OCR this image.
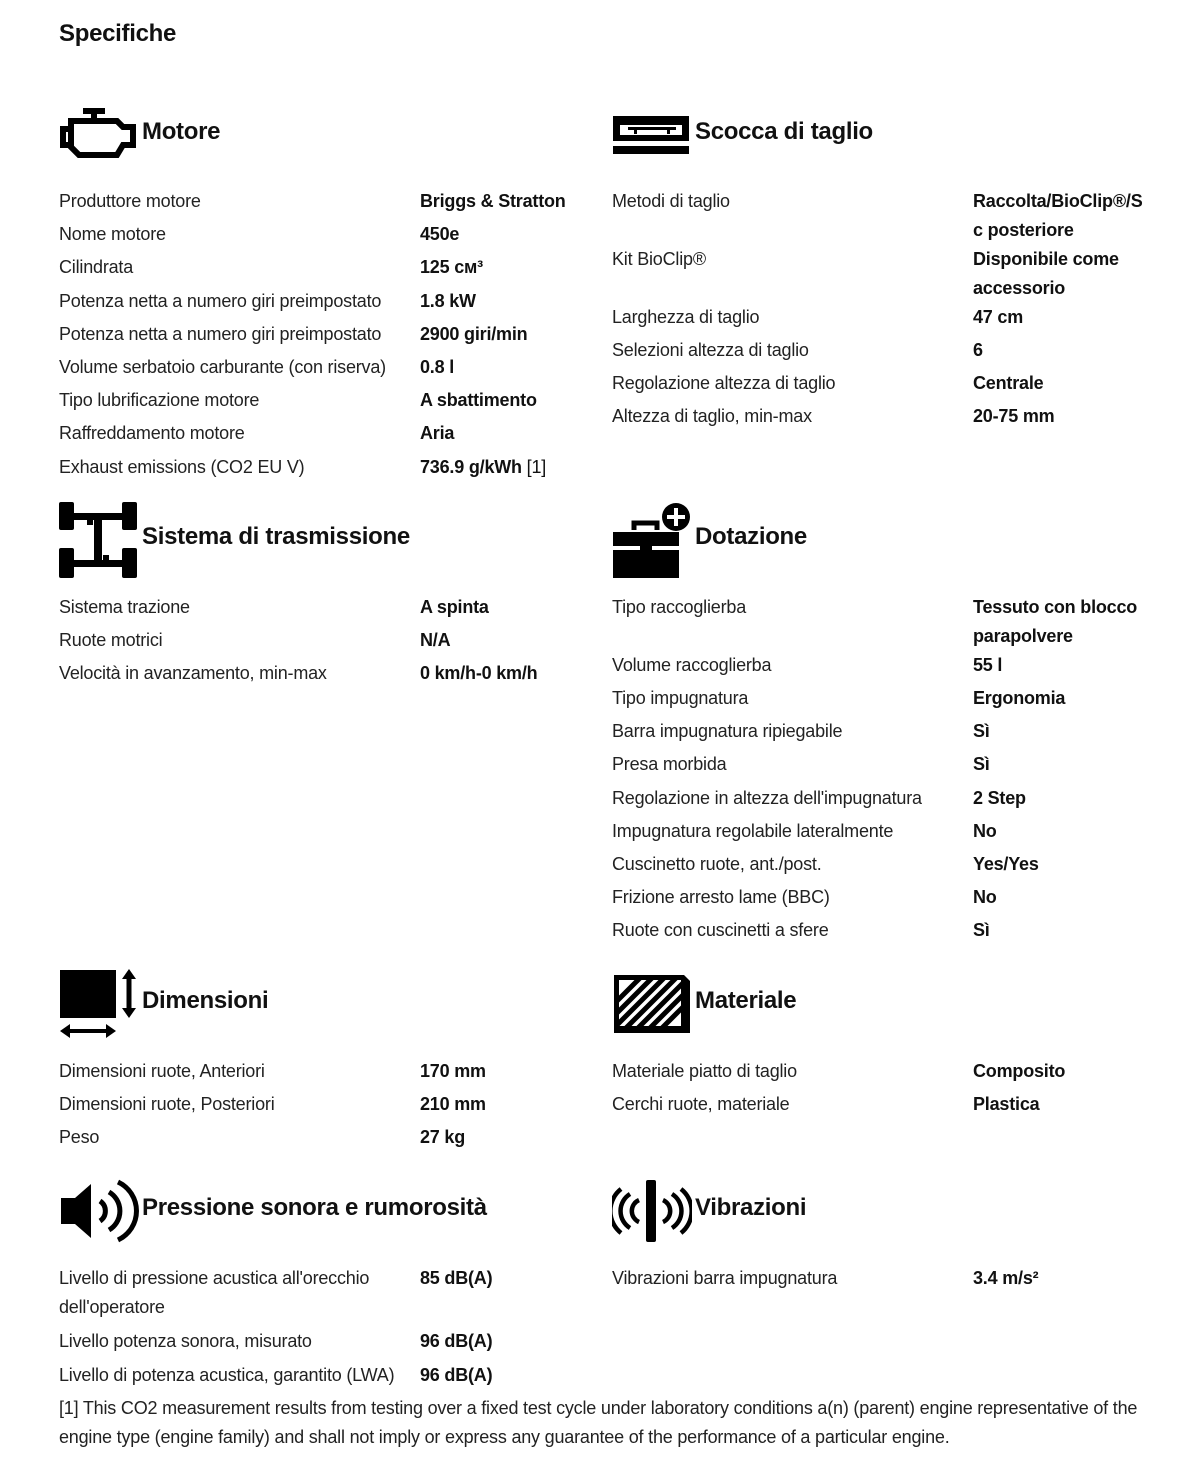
Specifiche
Motore
Produttore motore	Briggs & Stratton
Nome motore	450e
Cilindrata	125 см³
Potenza netta a numero giri preimpostato 1.8 kW
Potenza netta a numero giri preimpostato 2900 giri/min
Volume serbatoio carburante (con riserva) 0.8 l
Tipo lubrificazione motore	A sbattimento
Raffreddamento motore	Aria
Exhaust emissions (CO2 EU V)	736.9 g/kWh [1]
Scocca di taglio
Metodi di taglio	Raccolta/BioClip®/Sc posteriore
Kit BioClip®	Disponibile come accessorio
Larghezza di taglio	47 cm
Selezioni altezza di taglio	6
Regolazione altezza di taglio	Centrale
Altezza di taglio, min-max	20-75 mm
Sistema di trasmissione
Sistema trazione	A spinta
Ruote motrici	N/A
Velocità in avanzamento, min-max	0 km/h-0 km/h
Dotazione
Tipo raccoglierba	Tessuto con blocco parapolvere
Volume raccoglierba	55 l
Tipo impugnatura	Ergonomia
Barra impugnatura ripiegabile	Sì
Presa morbida	Sì
Regolazione in altezza dell'impugnatura	2 Step
Impugnatura regolabile lateralmente	No
Cuscinetto ruote, ant./post.	Yes/Yes
Frizione arresto lame (BBC)	No
Ruote con cuscinetti a sfere	Sì
Dimensioni
Dimensioni ruote, Anteriori	170 mm
Dimensioni ruote, Posteriori	210 mm
Peso	27 kg
Materiale
Materiale piatto di taglio	Composito
Cerchi ruote, materiale	Plastica
Pressione sonora e rumorosità
Livello di pressione acustica all'orecchio dell'operatore
85 dB(A)
Livello potenza sonora, misurato	96 dB(A)
Livello di potenza acustica, garantito (LWA) 96 dB(A)
Vibrazioni
Vibrazioni barra impugnatura	3.4 m/s²

[1] This CO2 measurement results from testing over a fixed test cycle under laboratory conditions a(n) (parent) engine representative of the engine type (engine family) and shall not imply or express any guarantee of the performance of a particular engine.
